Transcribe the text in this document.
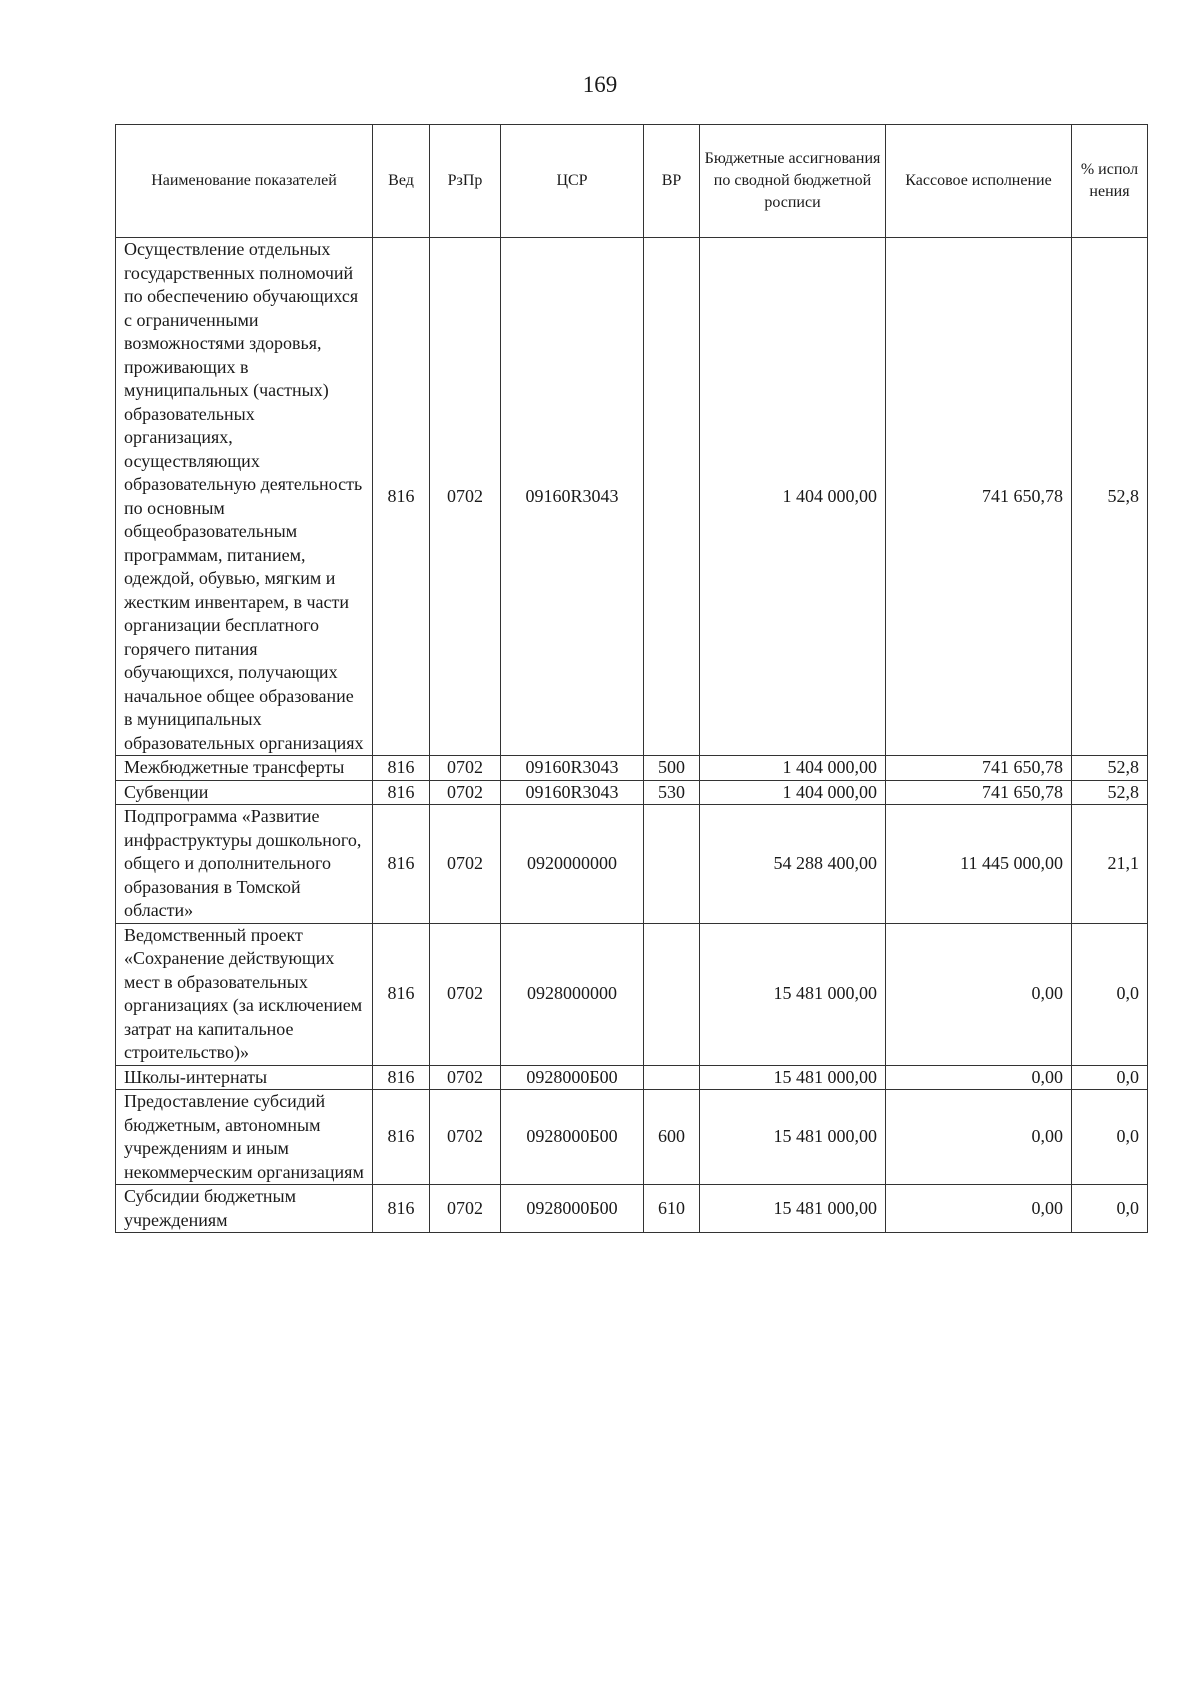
169
Наименование показателей	Вед	РзПр	ЦСР	ВР	Бюджетные ассигнования по сводной бюджетной росписи	Кассовое исполнение	% испол нения
Осуществление отдельных государственных полномочий по обеспечению обучающихся с ограниченными возможностями здоровья, проживающих в муниципальных (частных) образовательных организациях, осуществляющих образовательную деятельность по основным общеобразовательным программам, питанием, одеждой, обувью, мягким и жестким инвентарем, в части организации бесплатного горячего питания обучающихся, получающих начальное общее образование в муниципальных образовательных организациях	816	0702	09160R3043		1 404 000,00	741 650,78	52,8
Межбюджетные трансферты	816	0702	09160R3043	500	1 404 000,00	741 650,78	52,8
Субвенции	816	0702	09160R3043	530	1 404 000,00	741 650,78	52,8
Подпрограмма «Развитие инфраструктуры дошкольного, общего и дополнительного образования в Томской области»	816	0702	0920000000		54 288 400,00	11 445 000,00	21,1
Ведомственный проект «Сохранение действующих мест в образовательных организациях (за исключением затрат на капитальное строительство)»	816	0702	0928000000		15 481 000,00	0,00	0,0
Школы-интернаты	816	0702	0928000Б00		15 481 000,00	0,00	0,0
Предоставление субсидий бюджетным, автономным учреждениям и иным некоммерческим организациям	816	0702	0928000Б00	600	15 481 000,00	0,00	0,0
Субсидии бюджетным учреждениям	816	0702	0928000Б00	610	15 481 000,00	0,00	0,0
